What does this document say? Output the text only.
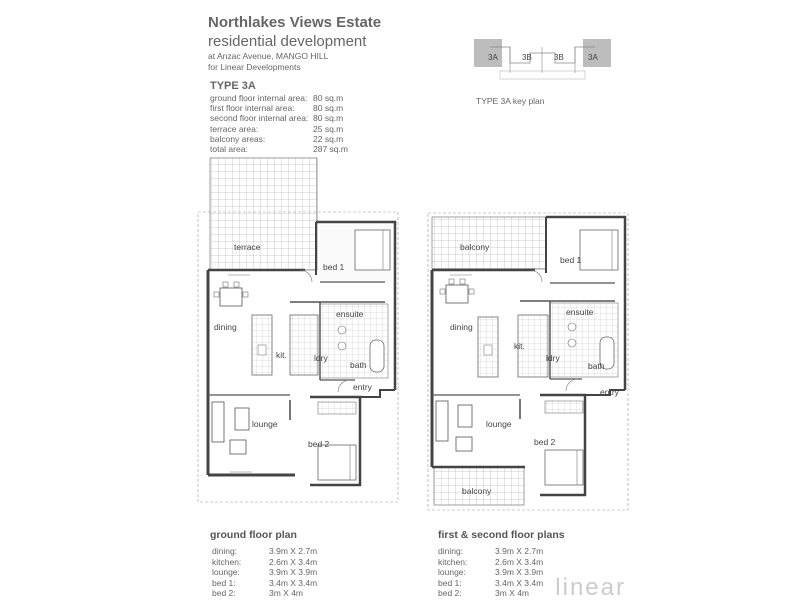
Northlakes Views Estate
residential development
at Anzac Avenue, MANGO HILL
for Linear Developments
TYPE 3A
ground floor internal area: 80 sq.m
first floor internal area:	80 sq.m
second floor internal area: 80 sq.m
terrace area:	25 sq.m
balcony areas:	22 sq.m
total area:	287 sq.m
3A	3B	3B	3A
TYPE 3A key plan
terrace
bed 1
ensuite
dining
kit.	ldry
bath
entry
lounge
bed 2
balcony
bed 1
ensuite
dining
kit.
ldry
bath
entry
lounge
bed 2
balcony
ground floor plan
dining:	3.9m X 2.7m
kitchen:	2.6m X 3.4m
lounge:	3.9m X 3.9m
bed 1:	3.4m X 3.4m
bed 2:	3m X 4m
first & second floor plans
dining:	3.9m X 2.7m
kitchen:	2.6m X 3.4m
lounge:	3.9m X 3.9m
bed 1:	3.4m X 3.4m
bed 2:	3m X 4m linear
